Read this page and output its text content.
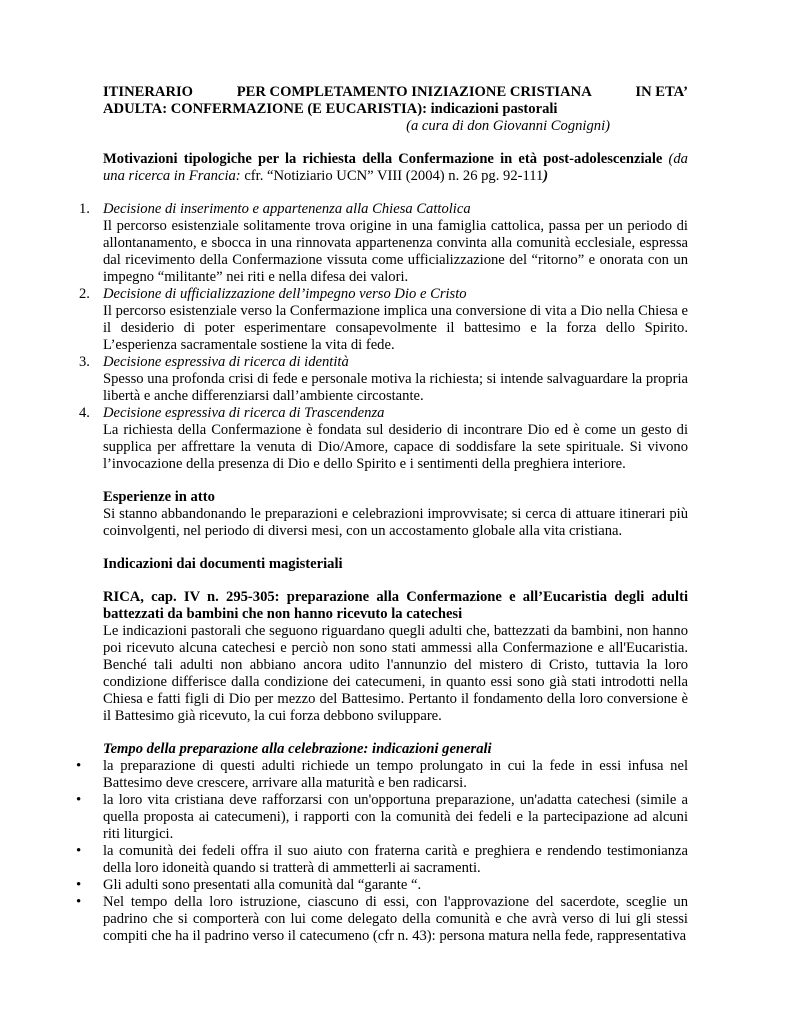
ITINERARIO	PER COMPLETAMENTO INIZIAZIONE CRISTIANA	IN ETA’
ADULTA: CONFERMAZIONE (E EUCARISTIA): indicazioni pastorali
(a cura di don Giovanni Cognigni)
Motivazioni tipologiche per la richiesta della Confermazione in età post-adolescenziale (da una ricerca in Francia: cfr. “Notiziario UCN” VIII (2004) n. 26 pg. 92-111)
1. Decisione di inserimento e appartenenza alla Chiesa Cattolica
Il percorso esistenziale solitamente trova origine in una famiglia cattolica, passa per un periodo di allontanamento, e sbocca in una rinnovata appartenenza convinta alla comunità ecclesiale, espressa dal ricevimento della Confermazione vissuta come ufficializzazione del “ritorno” e onorata con un impegno “militante” nei riti e nella difesa dei valori.
2. Decisione di ufficializzazione dell’impegno verso Dio e Cristo
Il percorso esistenziale verso la Confermazione implica una conversione di vita a Dio nella Chiesa e il desiderio di poter esperimentare consapevolmente il battesimo e la forza dello Spirito. L’esperienza sacramentale sostiene la vita di fede.
3. Decisione espressiva di ricerca di identità
Spesso una profonda crisi di fede e personale motiva la richiesta; si intende salvaguardare la propria libertà e anche differenziarsi dall’ambiente circostante.
4. Decisione espressiva di ricerca di Trascendenza
La richiesta della Confermazione è fondata sul desiderio di incontrare Dio ed è come un gesto di supplica per affrettare la venuta di Dio/Amore, capace di soddisfare la sete spirituale. Si vivono l’invocazione della presenza di Dio e dello Spirito e i sentimenti della preghiera interiore.
Esperienze in atto
Si stanno abbandonando le preparazioni e celebrazioni improvvisate; si cerca di attuare itinerari più coinvolgenti, nel periodo di diversi mesi, con un accostamento globale alla vita cristiana.
Indicazioni dai documenti magisteriali
RICA, cap. IV n. 295-305: preparazione alla Confermazione e all’Eucaristia degli adulti battezzati da bambini che non hanno ricevuto la catechesi
Le indicazioni pastorali che seguono riguardano quegli adulti che, battezzati da bambini, non hanno poi ricevuto alcuna catechesi e perciò non sono stati ammessi alla Confermazione e all'Eucaristia. Benché tali adulti non abbiano ancora udito l'annunzio del mistero di Cristo, tuttavia la loro condizione differisce dalla condizione dei catecumeni, in quanto essi sono già stati introdotti nella Chiesa e fatti figli di Dio per mezzo del Battesimo. Pertanto il fondamento della loro conversione è il Battesimo già ricevuto, la cui forza debbono sviluppare.
Tempo della preparazione alla celebrazione: indicazioni generali
• la preparazione di questi adulti richiede un tempo prolungato in cui la fede in essi infusa nel Battesimo deve crescere, arrivare alla maturità e ben radicarsi.
• la loro vita cristiana deve rafforzarsi con un'opportuna preparazione, un'adatta catechesi (simile a quella proposta ai catecumeni), i rapporti con la comunità dei fedeli e la partecipazione ad alcuni riti liturgici.
• la comunità dei fedeli offra il suo aiuto con fraterna carità e preghiera e rendendo testimonianza della loro idoneità quando si tratterà di ammetterli ai sacramenti.
• Gli adulti sono presentati alla comunità dal “garante “.
• Nel tempo della loro istruzione, ciascuno di essi, con l'approvazione del sacerdote, sceglie un padrino che si comporterà con lui come delegato della comunità e che avrà verso di lui gli stessi compiti che ha il padrino verso il catecumeno (cfr n. 43): persona matura nella fede, rappresentativa
